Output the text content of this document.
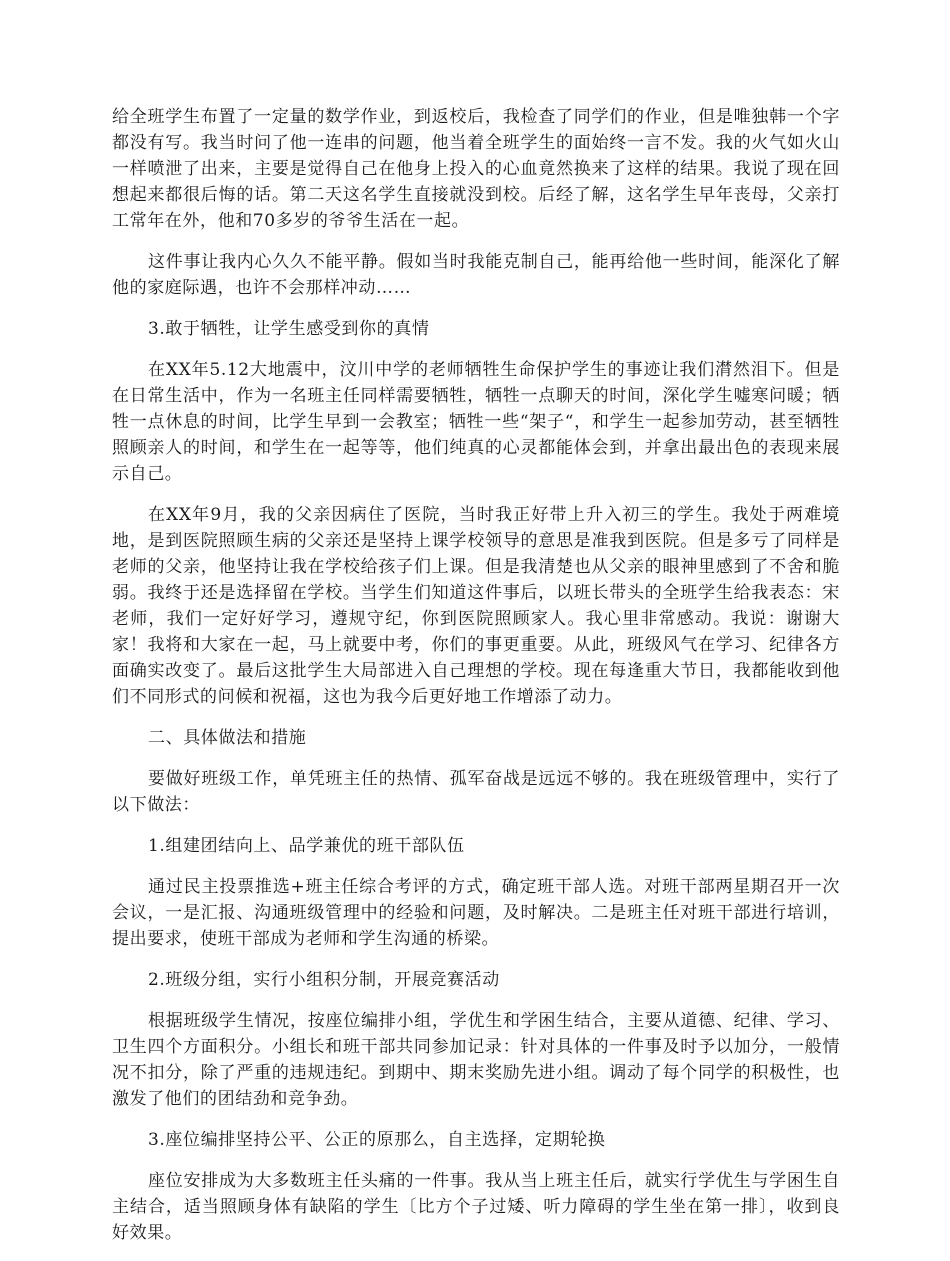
给全班学生布置了一定量的数学作业，到返校后，我检查了同学们的作业，但是唯独韩一个字都没有写。我当时问了他一连串的问题，他当着全班学生的面始终一言不发。我的火气如火山一样喷泄了出来，主要是觉得自己在他身上投入的心血竟然换来了这样的结果。我说了现在回想起来都很后悔的话。第二天这名学生直接就没到校。后经了解，这名学生早年丧母，父亲打工常年在外，他和70多岁的爷爷生活在一起。

这件事让我内心久久不能平静。假如当时我能克制自己，能再给他一些时间，能深化了解他的家庭际遇，也许不会那样冲动……

3.敢于牺牲，让学生感受到你的真情

在XX年5.12大地震中，汶川中学的老师牺牲生命保护学生的事迹让我们潸然泪下。但是在日常生活中，作为一名班主任同样需要牺牲，牺牲一点聊天的时间，深化学生嘘寒问暖；牺牲一点休息的时间，比学生早到一会教室；牺牲一些“架子“，和学生一起参加劳动，甚至牺牲照顾亲人的时间，和学生在一起等等，他们纯真的心灵都能体会到，并拿出最出色的表现来展示自己。

在XX年9月，我的父亲因病住了医院，当时我正好带上升入初三的学生。我处于两难境地，是到医院照顾生病的父亲还是坚持上课学校领导的意思是准我到医院。但是多亏了同样是老师的父亲，他坚持让我在学校给孩子们上课。但是我清楚也从父亲的眼神里感到了不舍和脆弱。我终于还是选择留在学校。当学生们知道这件事后，以班长带头的全班学生给我表态：宋老师，我们一定好好学习，遵规守纪，你到医院照顾家人。我心里非常感动。我说：谢谢大家！我将和大家在一起，马上就要中考，你们的事更重要。从此，班级风气在学习、纪律各方面确实改变了。最后这批学生大局部进入自己理想的学校。现在每逢重大节日，我都能收到他们不同形式的问候和祝福，这也为我今后更好地工作增添了动力。

二、具体做法和措施

要做好班级工作，单凭班主任的热情、孤军奋战是远远不够的。我在班级管理中，实行了以下做法：

1.组建团结向上、品学兼优的班干部队伍

通过民主投票推选+班主任综合考评的方式，确定班干部人选。对班干部两星期召开一次会议，一是汇报、沟通班级管理中的经验和问题，及时解决。二是班主任对班干部进行培训，提出要求，使班干部成为老师和学生沟通的桥梁。

2.班级分组，实行小组积分制，开展竞赛活动

根据班级学生情况，按座位编排小组，学优生和学困生结合，主要从道德、纪律、学习、卫生四个方面积分。小组长和班干部共同参加记录：针对具体的一件事及时予以加分，一般情况不扣分，除了严重的违规违纪。到期中、期末奖励先进小组。调动了每个同学的积极性，也激发了他们的团结劲和竞争劲。

3.座位编排坚持公平、公正的原那么，自主选择，定期轮换

座位安排成为大多数班主任头痛的一件事。我从当上班主任后，就实行学优生与学困生自主结合，适当照顾身体有缺陷的学生〔比方个子过矮、听力障碍的学生坐在第一排〕，收到良好效果。
